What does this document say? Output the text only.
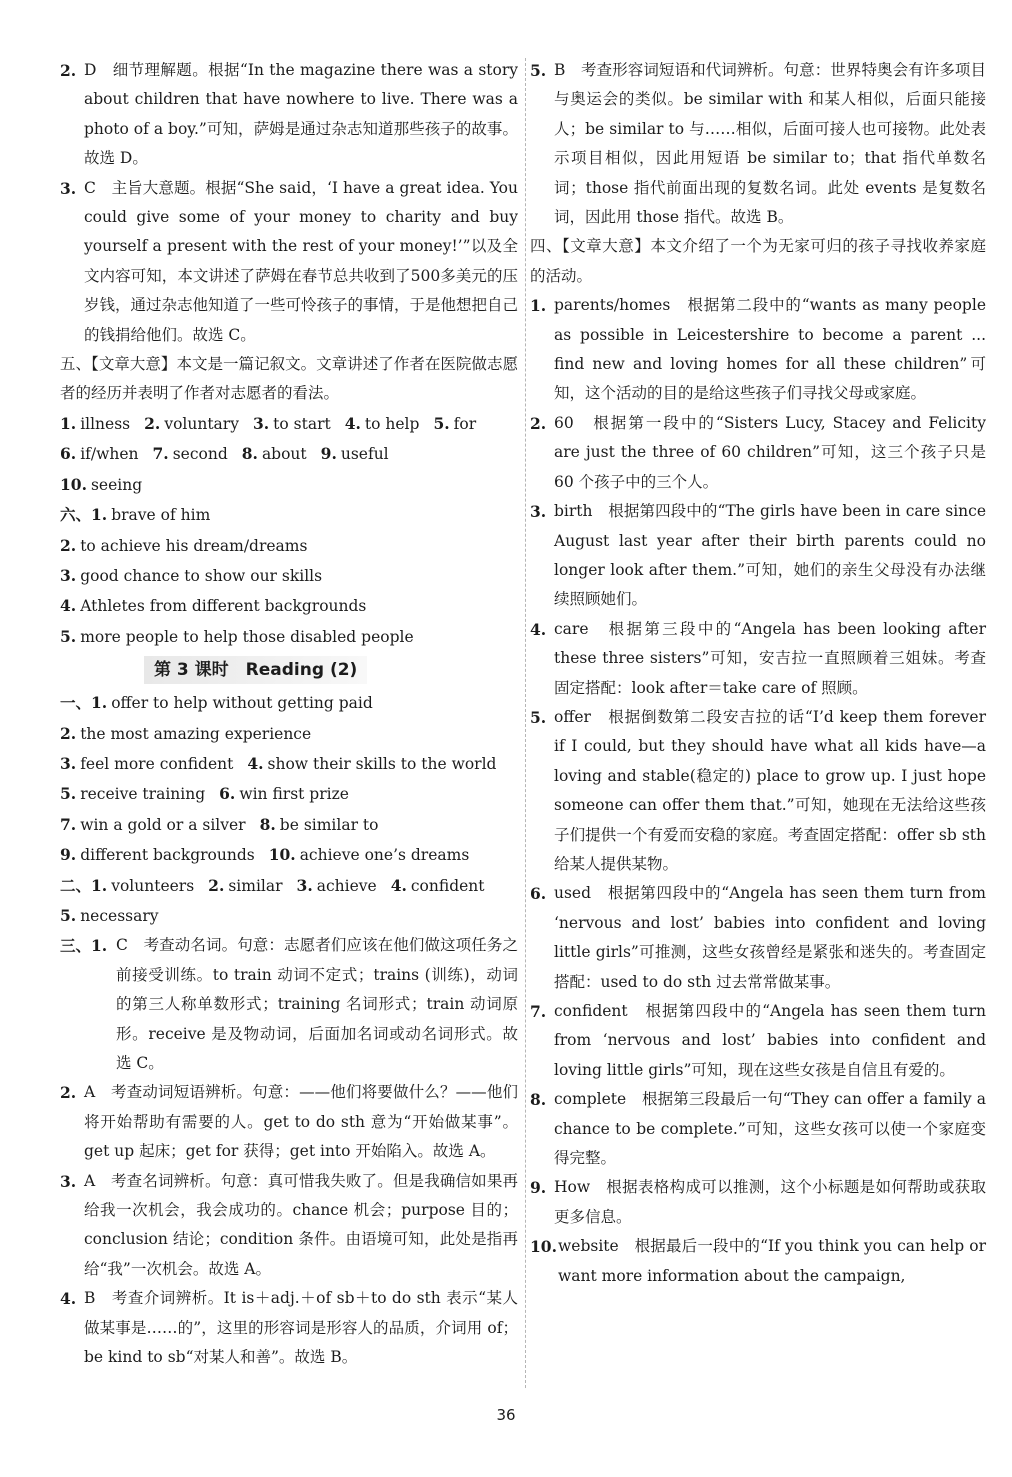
2. D　细节理解题。根据“In the magazine there was a story about children that have nowhere to live. There was a photo of a boy.”可知，萨姆是通过杂志知道那些孩子的故事。故选 D。
3. C　主旨大意题。根据“She said，‘I have a great idea. You could give some of your money to charity and buy yourself a present with the rest of your money!’”以及全文内容可知，本文讲述了萨姆在春节总共收到了500多美元的压岁钱，通过杂志他知道了一些可怜孩子的事情，于是他想把自己的钱捐给他们。故选 C。
五、【文章大意】本文是一篇记叙文。文章讲述了作者在医院做志愿者的经历并表明了作者对志愿者的看法。
1. illness 2. voluntary 3. to start 4. to help 5. for
6. if/when 7. second 8. about 9. useful
10. seeing
六、1. brave of him
2. to achieve his dream/dreams
3. good chance to show our skills
4. Athletes from different backgrounds
5. more people to help those disabled people
第 3 课时　Reading (2)
一、1. offer to help without getting paid
2. the most amazing experience
3. feel more confident 4. show their skills to the world
5. receive training 6. win first prize
7. win a gold or a silver 8. be similar to
9. different backgrounds 10. achieve one’s dreams
二、1. volunteers 2. similar 3. achieve 4. confident
5. necessary
三、1. C　考查动名词。句意：志愿者们应该在他们做这项任务之前接受训练。to train 动词不定式；trains (训练)，动词的第三人称单数形式；training 名词形式；train 动词原形。receive 是及物动词，后面加名词或动名词形式。故选 C。
2. A　考查动词短语辨析。句意：——他们将要做什么？——他们将开始帮助有需要的人。get to do sth 意为“开始做某事”。get up 起床；get for 获得；get into 开始陷入。故选 A。
3. A　考查名词辨析。句意：真可惜我失败了。但是我确信如果再给我一次机会，我会成功的。chance 机会；purpose 目的；conclusion 结论；condition 条件。由语境可知，此处是指再给“我”一次机会。故选 A。
4. B　考查介词辨析。It is＋adj.＋of sb＋to do sth 表示“某人做某事是……的”，这里的形容词是形容人的品质，介词用 of；be kind to sb“对某人和善”。故选 B。
5. B　考查形容词短语和代词辨析。句意：世界特奥会有许多项目与奥运会的类似。be similar with 和某人相似，后面只能接人；be similar to 与……相似，后面可接人也可接物。此处表示项目相似，因此用短语 be similar to；that 指代单数名词；those 指代前面出现的复数名词。此处 events 是复数名词，因此用 those 指代。故选 B。
四、【文章大意】本文介绍了一个为无家可归的孩子寻找收养家庭的活动。
1. parents/homes　根据第二段中的“wants as many people as possible in Leicestershire to become a parent ... find new and loving homes for all these children”可知，这个活动的目的是给这些孩子们寻找父母或家庭。
2. 60　根据第一段中的“Sisters Lucy, Stacey and Felicity are just the three of 60 children”可知，这三个孩子只是 60 个孩子中的三个人。
3. birth　根据第四段中的“The girls have been in care since August last year after their birth parents could no longer look after them.”可知，她们的亲生父母没有办法继续照顾她们。
4. care　根据第三段中的“Angela has been looking after these three sisters”可知，安吉拉一直照顾着三姐妹。考查固定搭配：look after＝take care of 照顾。
5. offer　根据倒数第二段安吉拉的话“I’d keep them forever if I could, but they should have what all kids have—a loving and stable(稳定的) place to grow up. I just hope someone can offer them that.”可知，她现在无法给这些孩子们提供一个有爱而安稳的家庭。考查固定搭配：offer sb sth 给某人提供某物。
6. used　根据第四段中的“Angela has seen them turn from ‘nervous and lost’ babies into confident and loving little girls”可推测，这些女孩曾经是紧张和迷失的。考查固定搭配：used to do sth 过去常常做某事。
7. confident　根据第四段中的“Angela has seen them turn from ‘nervous and lost’ babies into confident and loving little girls”可知，现在这些女孩是自信且有爱的。
8. complete　根据第三段最后一句“They can offer a family a chance to be complete.”可知，这些女孩可以使一个家庭变得完整。
9. How　根据表格构成可以推测，这个小标题是如何帮助或获取更多信息。
10. website　根据最后一段中的“If you think you can help or want more information about the campaign,
36
